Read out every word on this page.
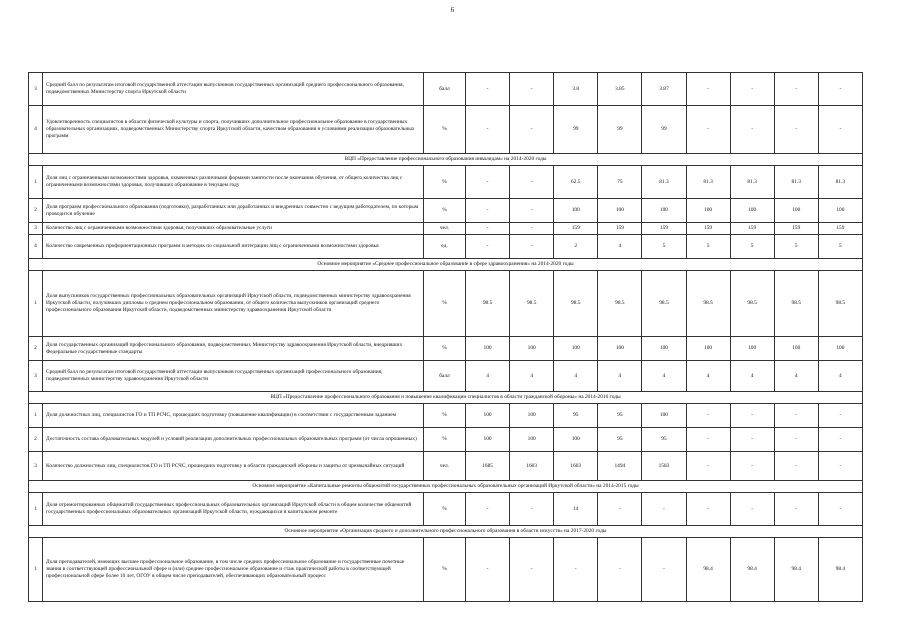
6
3	Средний балл по результатам итоговой государственной аттестации выпускников государственных организаций среднего профессионального образования, подведомственных Министерству спорта Иркутской области	балл	-	-	3.8	3.85	3.87	-	-	-	-
4	Удовлетворенность специалистов в области физической культуры и спорта, получивших дополнительное профессиональное образование в государственных образовательных организациях, подведомственных Министерству спорта Иркутской области, качеством образования и условиями реализации образовательных программ	%	-	-	99	99	99	-	-	-	-
ВЦП «Предоставление профессионального образования инвалидам» на 2014-2020 годы											
1	Доля лиц с ограниченными возможностями здоровья, охваченных различными формами занятости после окончания обучения, от общего количества лиц с ограниченными возможностями здоровья, получивших образование в текущем году	%	-	-	62.5	75	81.3	81.3	81.3	81.3	81.3
2	Доля программ профессионального образования (подготовки), разработанных или доработанных и внедренных совместно с ведущим работодателем, по которым проводится обучение	%	-	-	100	100	100	100	100	100	100
3	Количество лиц с ограниченными возможностями здоровья, получивших образовательные услуги	чел.	-	-	159	159	159	159	159	159	159
4	Количество современных профориентационных программ и методик по социальной интеграции лиц с ограниченными возможностями здоровья	ед.	-	-	2	4	5	5	5	5	5
Основное мероприятие «Среднее профессиональное образование в сфере здравоохранения» на 2014-2020 годы											
1	Доля выпускников государственных профессиональных образовательных организаций Иркутской области, подведомственных министерству здравоохранения Иркутской области, получивших дипломы о среднем профессиональном образовании, от общего количества выпускников организаций среднего профессионального образования Иркутской области, подведомственных министерству здравоохранения Иркутской области	%	98.5	98.5	98.5	98.5	98.5	98.5	98.5	98.5	98.5
2	Доля государственных организаций профессионального образования, подведомственных Министерству здравоохранения Иркутской области, внедривших Федеральные государственные стандарты	%	100	100	100	100	100	100	100	100	100
3	Средний балл по результатам итоговой государственной аттестации выпускников государственных организаций профессионального образования, подведомственных министерству здравоохранения Иркутской области	балл	4	4	4	4	4	4	4	4	4
ВЦП «Предоставление профессионального образования и повышение квалификации специалистов в области гражданской обороны» на 2014-2016 годы											
1	Доля должностных лиц, специалистов ГО и ТП РСЧС, прошедших подготовку (повышение квалификации) в соответствии с государственным заданием	%	100	100	95	95	100	-	-	-	-
2	Достаточность состава образовательных модулей и условий реализации дополнительных профессиональных образовательных программ (от числа опрошенных)	%	100	100	100	95	95	-	-	-	-
3	Количество должностных лиц, специалистов ГО и ТП РСЧС, прошедших подготовку в области гражданской обороны и защиты от чрезвычайных ситуаций	чел.	1685	1603	1603	1494	1583	-	-	-	-
Основное мероприятие «Капитальные ремонты общежитий государственных профессиональных образовательных организаций Иркутской области» на 2014-2015 годы											
1	Доля отремонтированных общежитий государственных профессиональных образовательных организаций Иркутской области в общем количестве общежитий государственных профессиональных образовательных организаций Иркутской области, нуждающихся в капитальном ремонте	%	-	-	14	-	-	-	-	-	-
Основное мероприятие «Организация среднего и дополнительного профессионального образования в области искусств» на 2017-2020 годы											
1	Доля преподавателей, имеющих высшее профессиональное образование, в том числе средних профессиональное образование и государственные почетные звания в соответствующей профессиональной сфере и (или) среднее профессиональное образование и стаж практической работы в соответствующей профессиональной сфере более 10 лет, ОГОУ в общем числе преподавателей, обеспечивающих образовательный процесс	%	-	-	-	-	-	98.4	98.4	98.4	98.4
